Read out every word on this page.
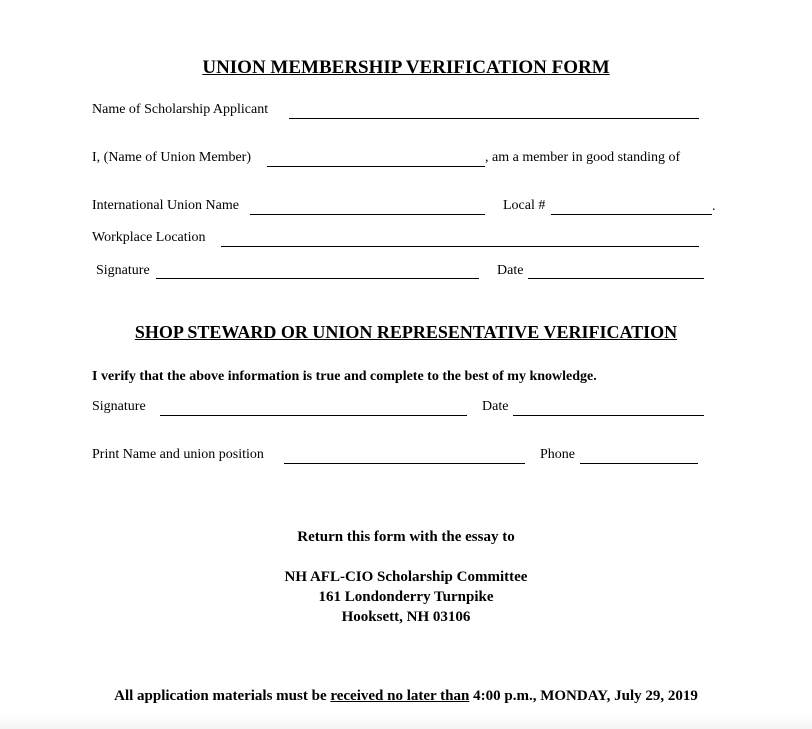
UNION MEMBERSHIP VERIFICATION FORM
Name of Scholarship Applicant
I, (Name of Union Member)	, am a member in good standing of
International Union Name	Local #	.
Workplace Location
Signature	Date
SHOP STEWARD OR UNION REPRESENTATIVE VERIFICATION
I verify that the above information is true and complete to the best of my knowledge.
Signature	Date
Print Name and union position	Phone
Return this form with the essay to
NH AFL-CIO Scholarship Committee
161 Londonderry Turnpike
Hooksett, NH 03106
All application materials must be received no later than 4:00 p.m., MONDAY, July 29, 2019
